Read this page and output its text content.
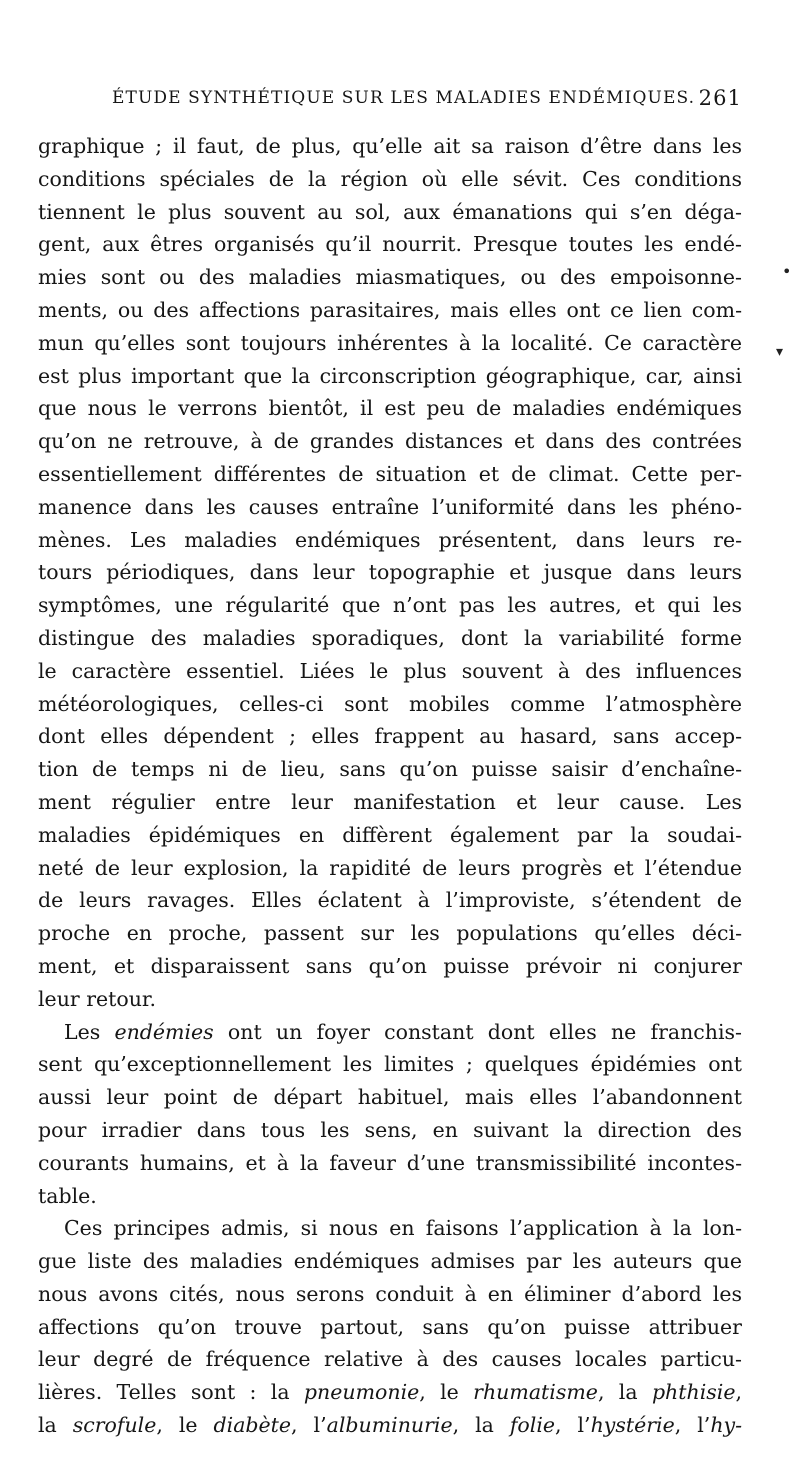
ÉTUDE SYNTHÉTIQUE SUR LES MALADIES ENDÉMIQUES. 261
graphique ; il faut, de plus, qu’elle ait sa raison d’être dans les
conditions spéciales de la région où elle sévit. Ces conditions
tiennent le plus souvent au sol, aux émanations qui s’en déga-
gent, aux êtres organisés qu’il nourrit. Presque toutes les endé-
mies sont ou des maladies miasmatiques, ou des empoisonne-
ments, ou des affections parasitaires, mais elles ont ce lien com-
mun qu’elles sont toujours inhérentes à la localité. Ce caractère
est plus important que la circonscription géographique, car, ainsi
que nous le verrons bientôt, il est peu de maladies endémiques
qu’on ne retrouve, à de grandes distances et dans des contrées
essentiellement différentes de situation et de climat. Cette per-
manence dans les causes entraîne l’uniformité dans les phéno-
mènes. Les maladies endémiques présentent, dans leurs re-
tours périodiques, dans leur topographie et jusque dans leurs
symptômes, une régularité que n’ont pas les autres, et qui les
distingue des maladies sporadiques, dont la variabilité forme
le caractère essentiel. Liées le plus souvent à des influences
météorologiques, celles-ci sont mobiles comme l’atmosphère
dont elles dépendent ; elles frappent au hasard, sans accep-
tion de temps ni de lieu, sans qu’on puisse saisir d’enchaîne-
ment régulier entre leur manifestation et leur cause. Les
maladies épidémiques en diffèrent également par la soudai-
neté de leur explosion, la rapidité de leurs progrès et l’étendue
de leurs ravages. Elles éclatent à l’improviste, s’étendent de
proche en proche, passent sur les populations qu’elles déci-
ment, et disparaissent sans qu’on puisse prévoir ni conjurer
leur retour.
Les endémies ont un foyer constant dont elles ne franchis-
sent qu’exceptionnellement les limites ; quelques épidémies ont
aussi leur point de départ habituel, mais elles l’abandonnent
pour irradier dans tous les sens, en suivant la direction des
courants humains, et à la faveur d’une transmissibilité incontes-
table.
Ces principes admis, si nous en faisons l’application à la lon-
gue liste des maladies endémiques admises par les auteurs que
nous avons cités, nous serons conduit à en éliminer d’abord les
affections qu’on trouve partout, sans qu’on puisse attribuer
leur degré de fréquence relative à des causes locales particu-
lières. Telles sont : la pneumonie, le rhumatisme, la phthisie,
la scrofule, le diabète, l’albuminurie, la folie, l’hystérie, l’hy-
•
▾
